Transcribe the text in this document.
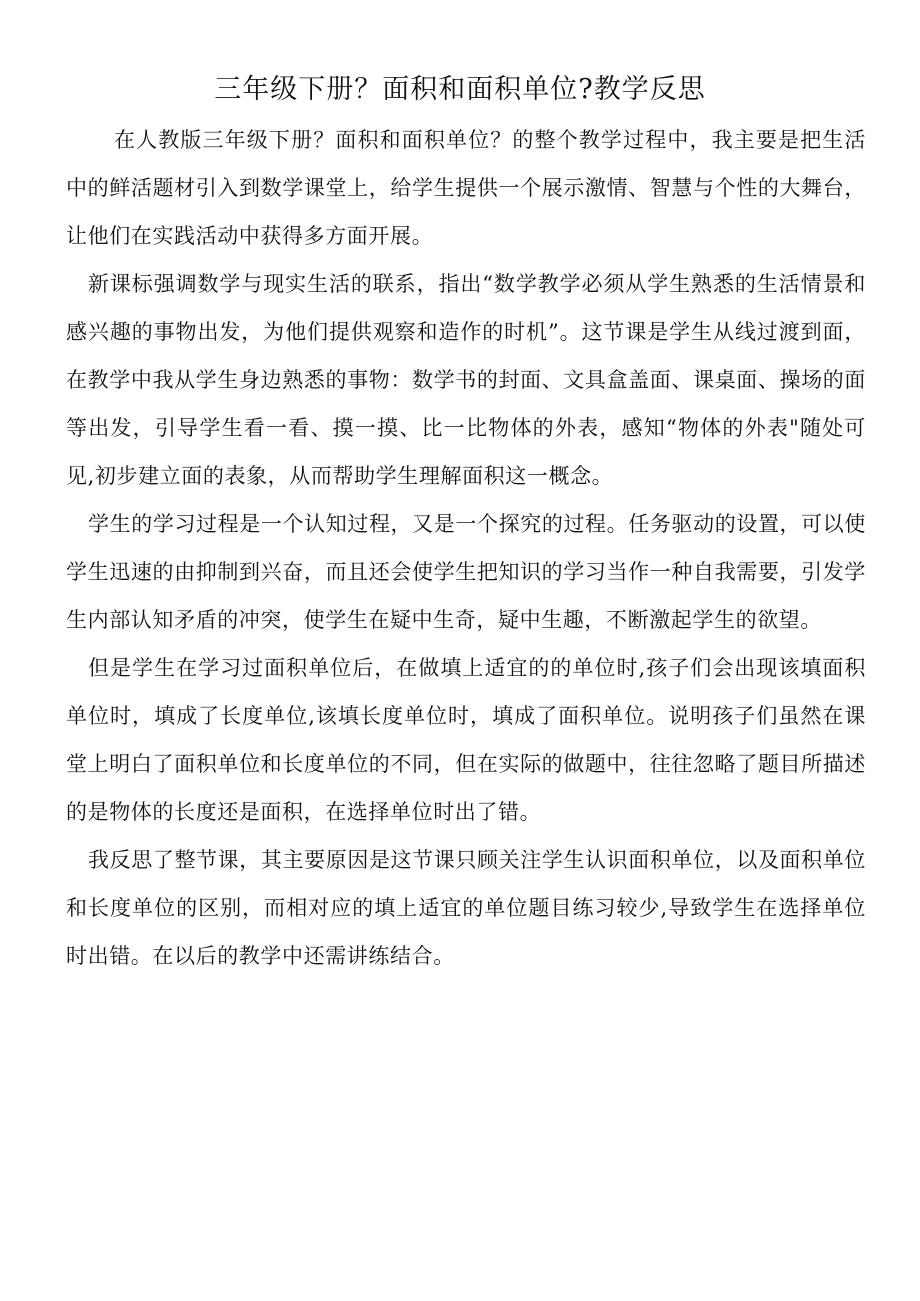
三年级下册？面积和面积单位?教学反思

在人教版三年级下册？面积和面积单位？的整个教学过程中，我主要是把生活中的鲜活题材引入到数学课堂上，给学生提供一个展示激情、智慧与个性的大舞台，让他们在实践活动中获得多方面开展。

新课标强调数学与现实生活的联系，指出“数学教学必须从学生熟悉的生活情景和感兴趣的事物出发，为他们提供观察和造作的时机”。这节课是学生从线过渡到面，在教学中我从学生身边熟悉的事物：数学书的封面、文具盒盖面、课桌面、操场的面等出发，引导学生看一看、摸一摸、比一比物体的外表，感知“物体的外表"随处可见,初步建立面的表象，从而帮助学生理解面积这一概念。

学生的学习过程是一个认知过程，又是一个探究的过程。任务驱动的设置，可以使学生迅速的由抑制到兴奋，而且还会使学生把知识的学习当作一种自我需要，引发学生内部认知矛盾的冲突，使学生在疑中生奇，疑中生趣，不断激起学生的欲望。

但是学生在学习过面积单位后，在做填上适宜的的单位时,孩子们会出现该填面积单位时，填成了长度单位,该填长度单位时，填成了面积单位。说明孩子们虽然在课堂上明白了面积单位和长度单位的不同，但在实际的做题中，往往忽略了题目所描述的是物体的长度还是面积，在选择单位时出了错。

我反思了整节课，其主要原因是这节课只顾关注学生认识面积单位，以及面积单位和长度单位的区别，而相对应的填上适宜的单位题目练习较少,导致学生在选择单位时出错。在以后的教学中还需讲练结合。
